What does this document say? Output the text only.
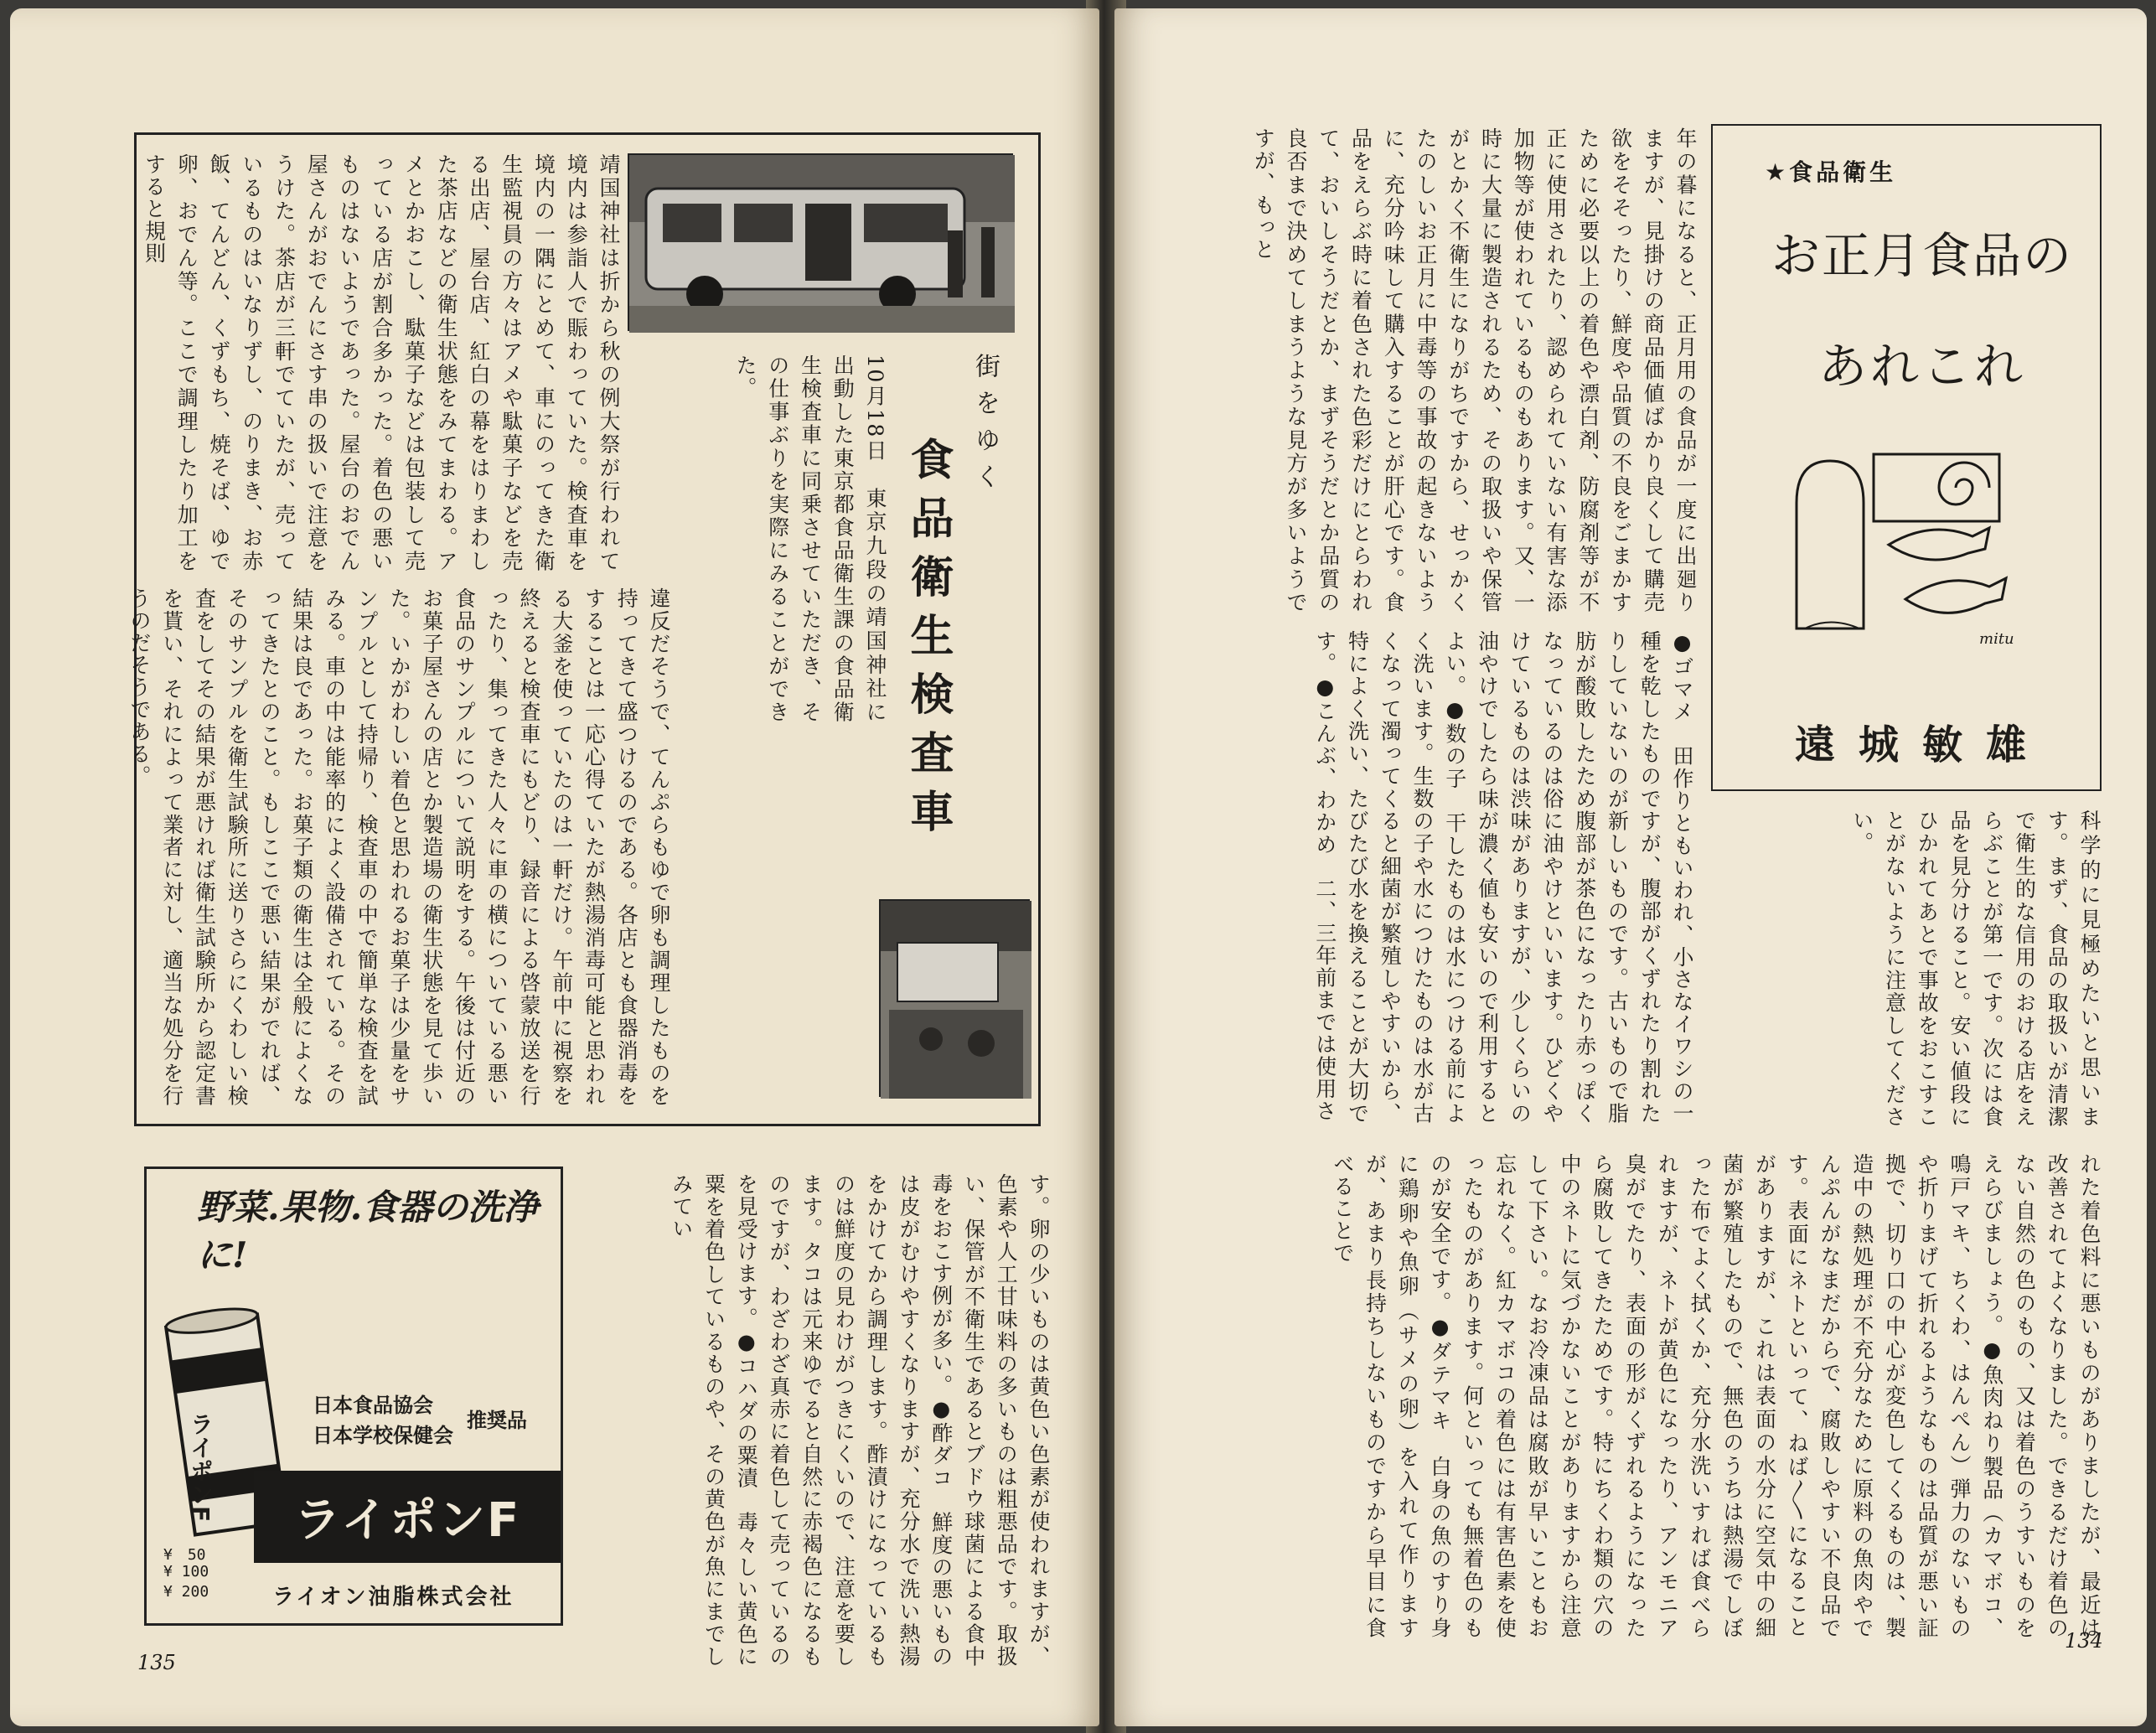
街をゆく
食品衛生検査車
10月18日　東京九段の靖国神社に出動した東京都食品衛生課の食品衛生検査車に同乗させていただき、その仕事ぶりを実際にみることができた。
違反だそうで、てんぷらもゆで卵も調理したものを持ってきて盛つけるのである。各店とも食器消毒をすることは一応心得ていたが熱湯消毒可能と思われる大釜を使っていたのは一軒だけ。午前中に視察を終えると検査車にもどり、録音による啓蒙放送を行ったり、集ってきた人々に車の横についている悪い食品のサンプルについて説明をする。午後は付近のお菓子屋さんの店とか製造場の衛生状態を見て歩いた。いかがわしい着色と思われるお菓子は少量をサンプルとして持帰り、検査車の中で簡単な検査を試みる。車の中は能率的によく設備されている。その結果は良であった。お菓子類の衛生は全般によくなってきたとのこと。もしここで悪い結果がでれば、そのサンプルを衛生試験所に送りさらにくわしい検査をしてその結果が悪ければ衛生試験所から認定書を貰い、それによって業者に対し、適当な処分を行うのだそうである。
靖国神社は折から秋の例大祭が行われて境内は参詣人で賑わっていた。検査車を境内の一隅にとめて、車にのってきた衛生監視員の方々はアメや駄菓子などを売る出店、屋台店、紅白の幕をはりまわした茶店などの衛生状態をみてまわる。アメとかおこし、駄菓子などは包装して売っている店が割合多かった。着色の悪いものはないようであった。屋台のおでん屋さんがおでんにさす串の扱いで注意をうけた。茶店が三軒でていたが、売っているものはいなりずし、のりまき、お赤飯、てんどん、くずもち、焼そば、ゆで卵、おでん等。ここで調理したり加工をすると規則
す。卵の少いものは黄色い色素が使われますが、色素や人工甘味料の多いものは粗悪品です。取扱い、保管が不衛生であるとブドウ球菌による食中毒をおこす例が多い。●酢ダコ　鮮度の悪いものは皮がむけやすくなりますが、充分水で洗い熱湯をかけてから調理します。酢漬けになっているものは鮮度の見わけがつきにくいので、注意を要します。タコは元来ゆでると自然に赤褐色になるものですが、わざわざ真赤に着色して売っているのを見受けます。●コハダの粟漬　毒々しい黄色に粟を着色しているものや、その黄色が魚にまでしみてい
野菜.果物.食器の洗浄に!
ライポンF
日本食品協会
日本学校保健会
推奨品
ライポンF
¥　50
¥ 100
¥ 200	ライオン油脂株式会社
135
★食品衛生
お正月食品の
あれこれ
mitu
遠城敏雄
年の暮になると、正月用の食品が一度に出廻りますが、見掛けの商品価値ばかり良くして購売欲をそそったり、鮮度や品質の不良をごまかすために必要以上の着色や漂白剤、防腐剤等が不正に使用されたり、認められていない有害な添加物等が使われているものもあります。又、一時に大量に製造されるため、その取扱いや保管がとかく不衛生になりがちですから、せっかくたのしいお正月に中毒等の事故の起きないように、充分吟味して購入することが肝心です。食品をえらぶ時に着色された色彩だけにとらわれて、おいしそうだとか、まずそうだとか品質の良否まで決めてしまうような見方が多いようですが、もっと
●ゴマメ　田作りともいわれ、小さなイワシの一種を乾したものですが、腹部がくずれたり割れたりしていないのが新しいものです。古いもので脂肪が酸敗したため腹部が茶色になったり赤っぽくなっているのは俗に油やけといいます。ひどくやけているものは渋味がありますが、少しくらいの油やけでしたら味が濃く値も安いので利用するとよい。●数の子　干したものは水につける前によく洗います。生数の子や水につけたものは水が古くなって濁ってくると細菌が繁殖しやすいから、特によく洗い、たびたび水を換えることが大切です。●こんぶ、わかめ　二、三年前までは使用さ	科学的に見極めたいと思います。まず、食品の取扱いが清潔で衛生的な信用のおける店をえらぶことが第一です。次には食品を見分けること。安い値段にひかれてあとで事故をおこすことがないように注意してください。
れた着色料に悪いものがありましたが、最近は改善されてよくなりました。できるだけ着色のない自然の色のもの、又は着色のうすいものをえらびましょう。●魚肉ねり製品（カマボコ、鳴戸マキ、ちくわ、はんぺん）弾力のないものや折りまげて折れるようなものは品質が悪い証拠で、切り口の中心が変色してくるものは、製造中の熱処理が不充分なために原料の魚肉やでんぷんがなまだからで、腐敗しやすい不良品です。表面にネトといって、ねば〳〵になることがありますが、これは表面の水分に空気中の細菌が繁殖したもので、無色のうちは熱湯でしぼった布でよく拭くか、充分水洗いすれば食べられますが、ネトが黄色になったり、アンモニア臭がでたり、表面の形がくずれるようになったら腐敗してきたためです。特にちくわ類の穴の中のネトに気づかないことがありますから注意して下さい。なお冷凍品は腐敗が早いこともお忘れなく。紅カマボコの着色には有害色素を使ったものがあります。何といっても無着色のものが安全です。●ダテマキ　白身の魚のすり身に鶏卵や魚卵（サメの卵）を入れて作りますが、あまり長持ちしないものですから早目に食べることで
134
